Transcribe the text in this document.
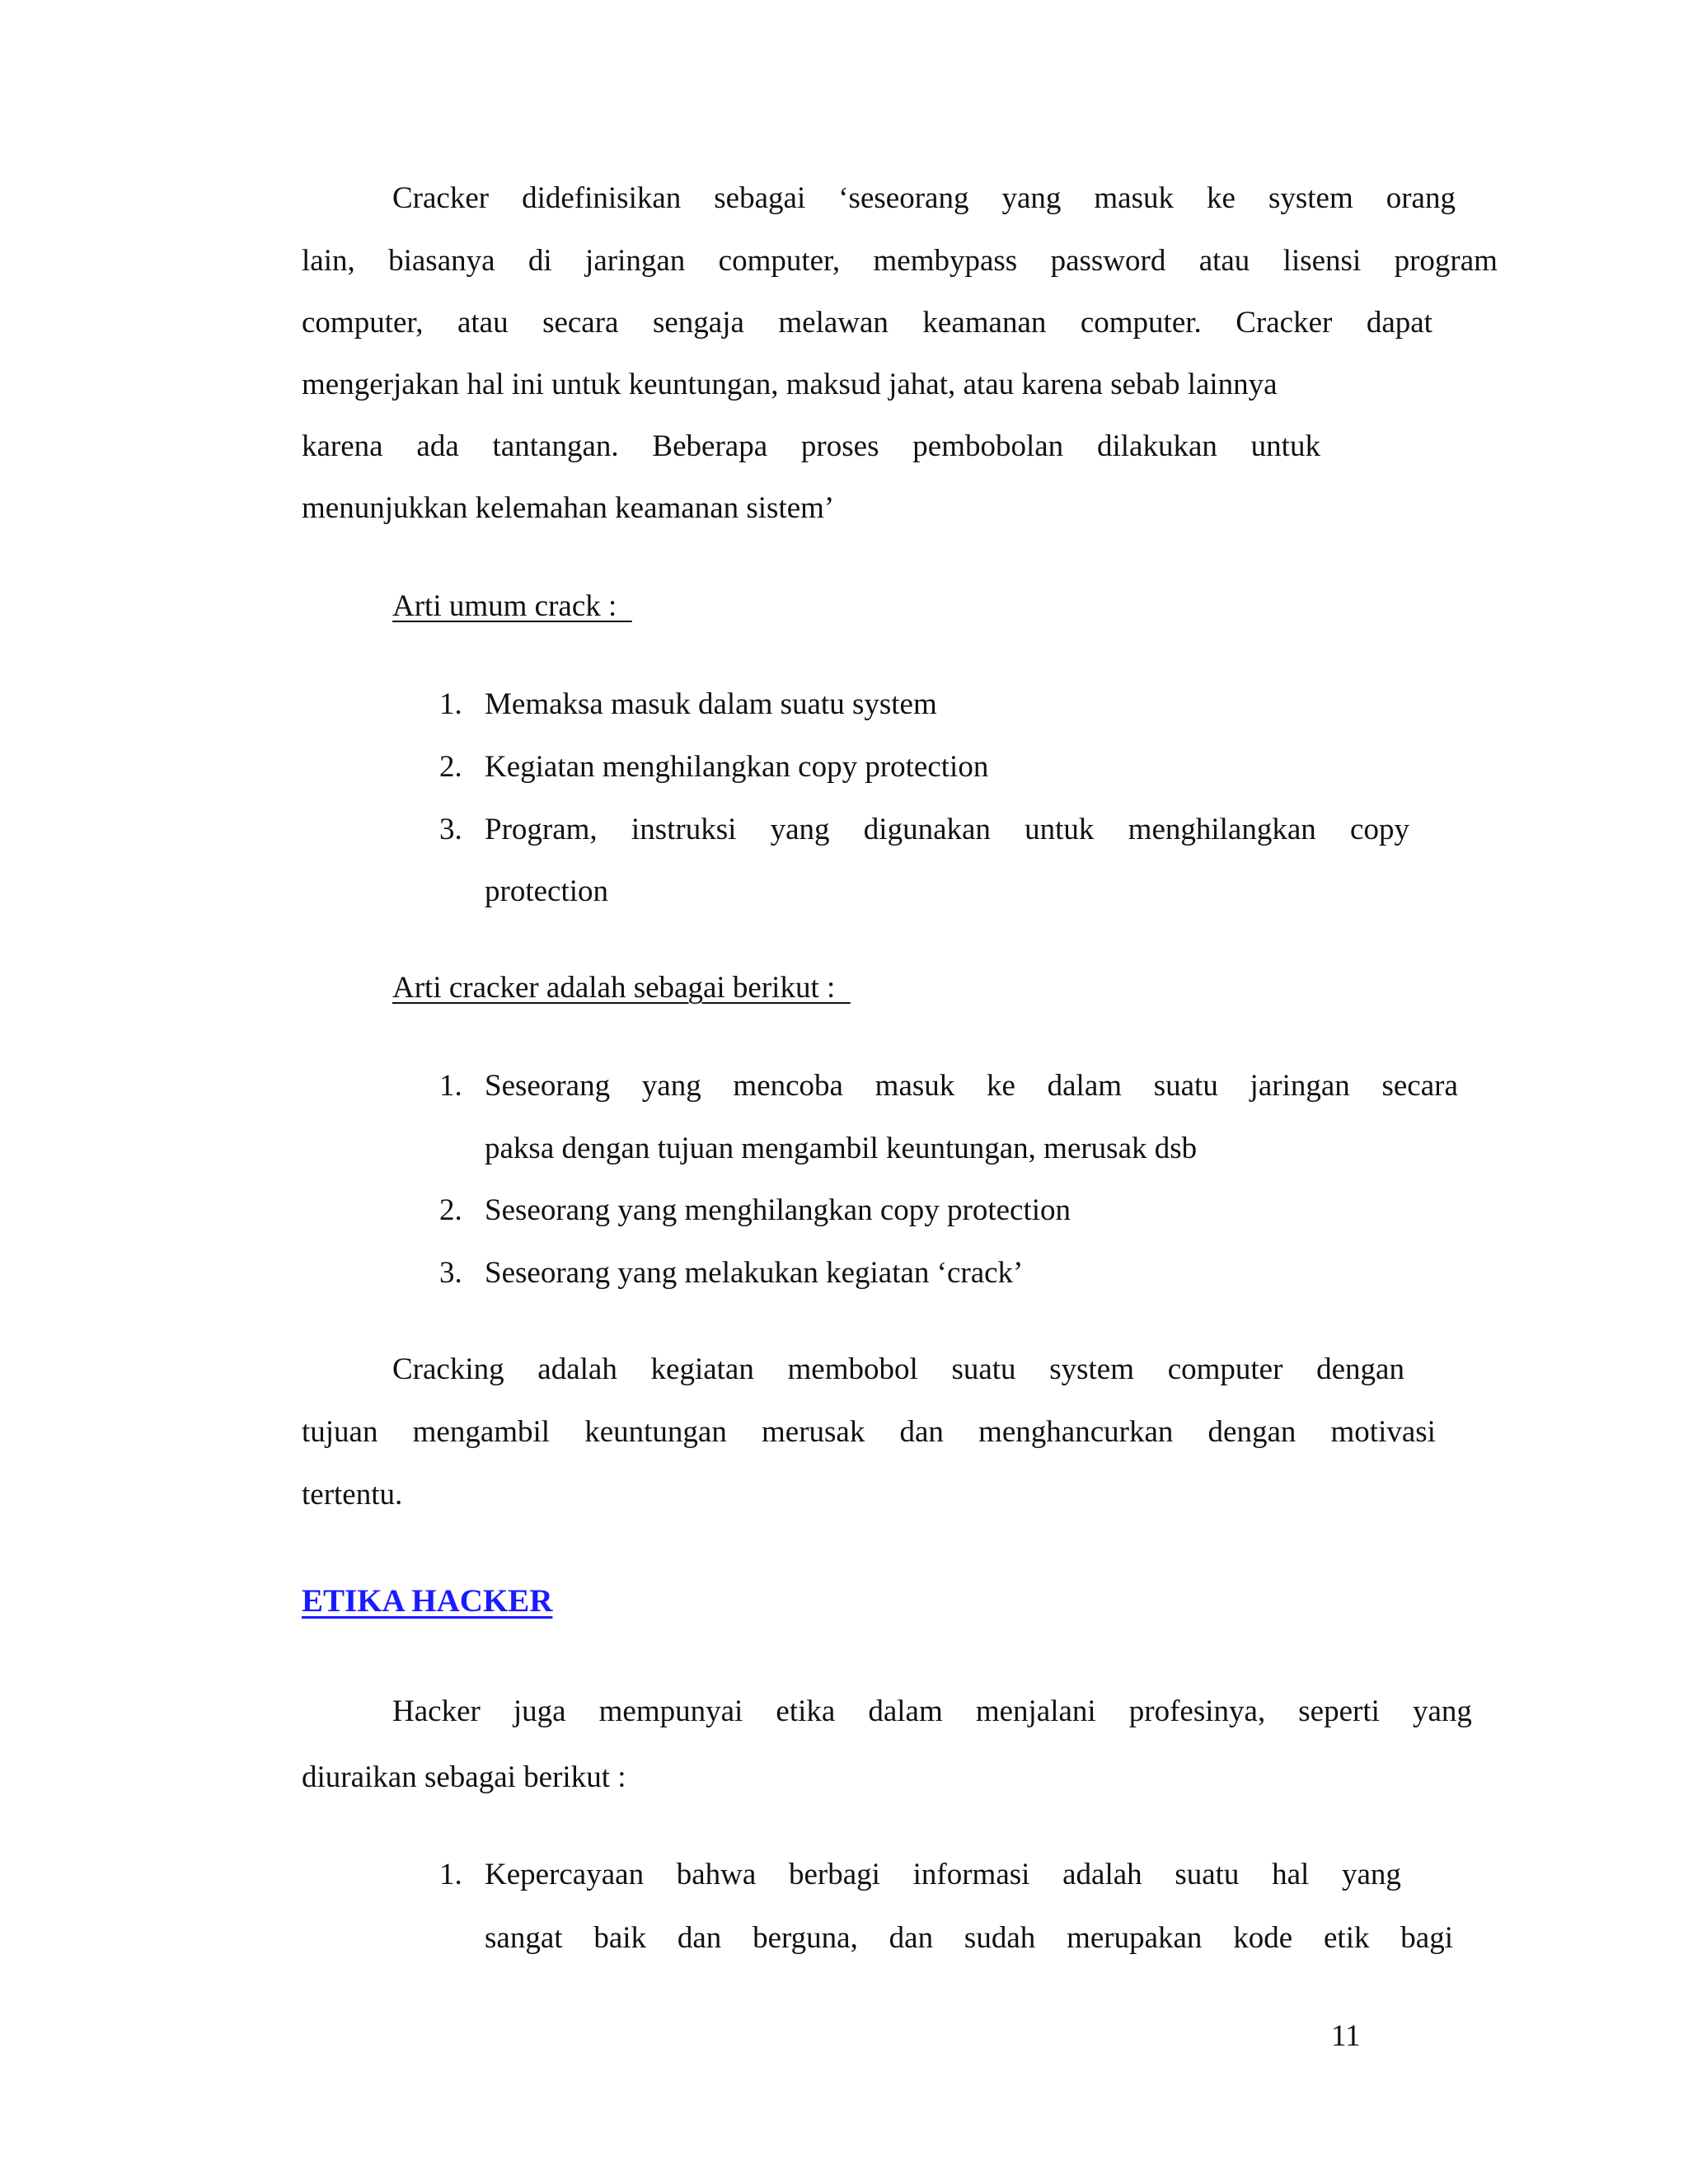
Cracker didefinisikan sebagai ‘seseorang yang masuk ke system orang
lain, biasanya di jaringan computer, membypass password atau lisensi program
computer, atau secara sengaja melawan keamanan computer. Cracker dapat
mengerjakan hal ini untuk keuntungan, maksud jahat, atau karena sebab lainnya
karena ada tantangan. Beberapa proses pembobolan dilakukan untuk
menunjukkan kelemahan keamanan sistem’
Arti umum crack :
1. Memaksa masuk dalam suatu system
2. Kegiatan menghilangkan copy protection
3. Program, instruksi yang digunakan untuk menghilangkan copy
protection
Arti cracker adalah sebagai berikut :
1. Seseorang yang mencoba masuk ke dalam suatu jaringan secara
paksa dengan tujuan mengambil keuntungan, merusak dsb
2. Seseorang yang menghilangkan copy protection
3. Seseorang yang melakukan kegiatan ‘crack’
Cracking adalah kegiatan membobol suatu system computer dengan
tujuan mengambil keuntungan merusak dan menghancurkan dengan motivasi
tertentu.
ETIKA HACKER
Hacker juga mempunyai etika dalam menjalani profesinya, seperti yang
diuraikan sebagai berikut :
1. Kepercayaan bahwa berbagi informasi adalah suatu hal yang
sangat baik dan berguna, dan sudah merupakan kode etik bagi
11
